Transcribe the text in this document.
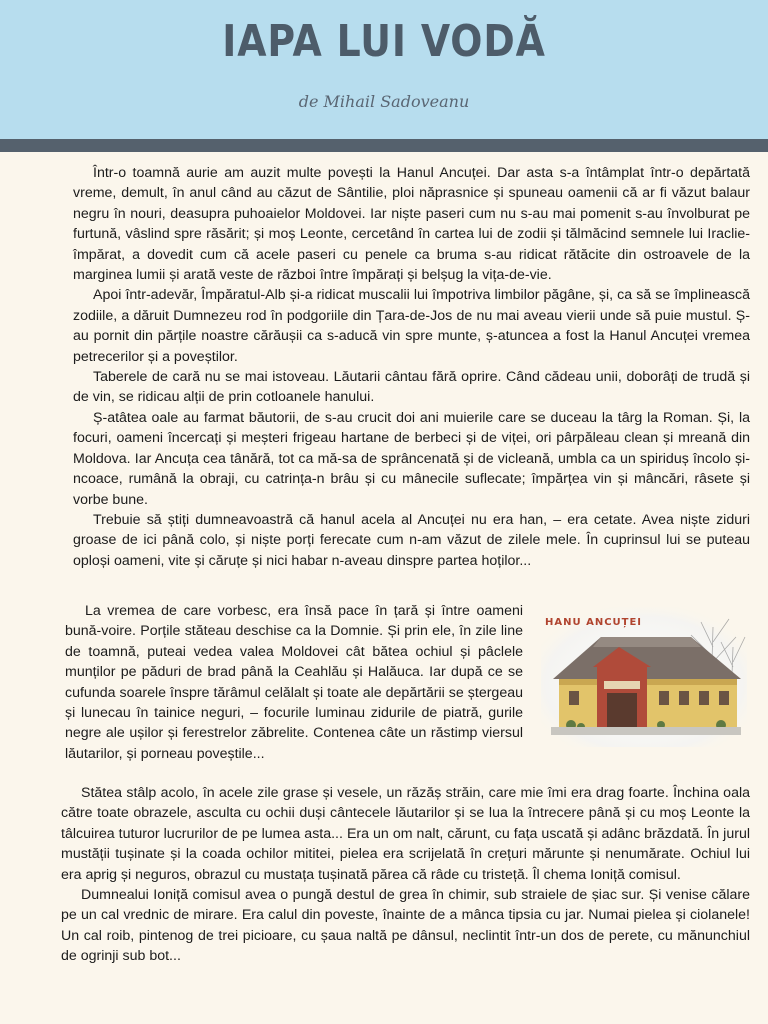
IAPA LUI VODĂ
de Mihail Sadoveanu

Într-o toamnă aurie am auzit multe povești la Hanul Ancuței. Dar asta s-a întâmplat într-o depărtată vreme, demult, în anul când au căzut de Sântilie, ploi năprasnice și spuneau oamenii că ar fi văzut balaur negru în nouri, deasupra puhoaielor Moldovei. Iar niște paseri cum nu s-au mai pomenit s-au învolburat pe furtună, vâslind spre răsărit; și moș Leonte, cercetând în cartea lui de zodii și tălmăcind semnele lui Iraclie-împărat, a dovedit cum că acele paseri cu penele ca bruma s-au ridicat rătăcite din ostroavele de la marginea lumii și arată veste de război între împărați și belșug la vița-de-vie.

Apoi într-adevăr, Împăratul-Alb și-a ridicat muscalii lui împotriva limbilor păgâne, și, ca să se împlinească zodiile, a dăruit Dumnezeu rod în podgoriile din Țara-de-Jos de nu mai aveau vierii unde să puie mustul. Ș-au pornit din părțile noastre cărăușii ca s-aducă vin spre munte, ș-atuncea a fost la Hanul Ancuței vremea petrecerilor și a poveștilor.

Taberele de cară nu se mai istoveau. Lăutarii cântau fără oprire. Când cădeau unii, doborâți de trudă și de vin, se ridicau alții de prin cotloanele hanului.

Ș-atâtea oale au farmat băutorii, de s-au crucit doi ani muierile care se duceau la târg la Roman. Și, la focuri, oameni încercați și meșteri frigeau hartane de berbeci și de viței, ori pârpăleau clean și mreană din Moldova. Iar Ancuța cea tânără, tot ca mă-sa de sprâncenată și de vicleană, umbla ca un spiriduș încolo și-ncoace, rumână la obraji, cu catrința-n brâu și cu mânecile suflecate; împărțea vin și mâncări, râsete și vorbe bune.

Trebuie să știți dumneavoastră că hanul acela al Ancuței nu era han, – era cetate. Avea niște ziduri groase de ici până colo, și niște porți ferecate cum n-am văzut de zilele mele. În cuprinsul lui se puteau oploși oameni, vite și căruțe și nici habar n-aveau dinspre partea hoților...

La vremea de care vorbesc, era însă pace în țară și între oameni bună-voire. Porțile stăteau deschise ca la Domnie. Și prin ele, în zile line de toamnă, puteai vedea valea Moldovei cât bătea ochiul și pâclele munților pe păduri de brad până la Ceahlău și Halăuca. Iar după ce se cufunda soarele înspre tărâmul celălalt și toate ale depărtării se ștergeau și lunecau în tainice neguri, – focurile luminau zidurile de piatră, gurile negre ale ușilor și ferestrelor zăbrelite. Contenea câte un răstimp viersul lăutarilor, și porneau poveștile...

HANU ANCUȚEI

Stătea stâlp acolo, în acele zile grase și vesele, un răzăș străin, care mie îmi era drag foarte. Închina oala către toate obrazele, asculta cu ochii duși cântecele lăutarilor și se lua la întrecere până și cu moș Leonte la tâlcuirea tuturor lucrurilor de pe lumea asta... Era un om nalt, cărunt, cu fața uscată și adânc brăzdată. În jurul mustății tușinate și la coada ochilor mititei, pielea era scrijelată în crețuri mărunte și nenumărate. Ochiul lui era aprig și neguros, obrazul cu mustața tușinată părea că râde cu tristeță. Îl chema Ioniță comisul.

Dumnealui Ioniță comisul avea o pungă destul de grea în chimir, sub straiele de șiac sur. Și venise călare pe un cal vrednic de mirare. Era calul din poveste, înainte de a mânca tipsia cu jar. Numai pielea și ciolanele! Un cal roib, pintenog de trei picioare, cu șaua naltă pe dânsul, neclintit într-un dos de perete, cu mănunchiul de ogrinji sub bot...
